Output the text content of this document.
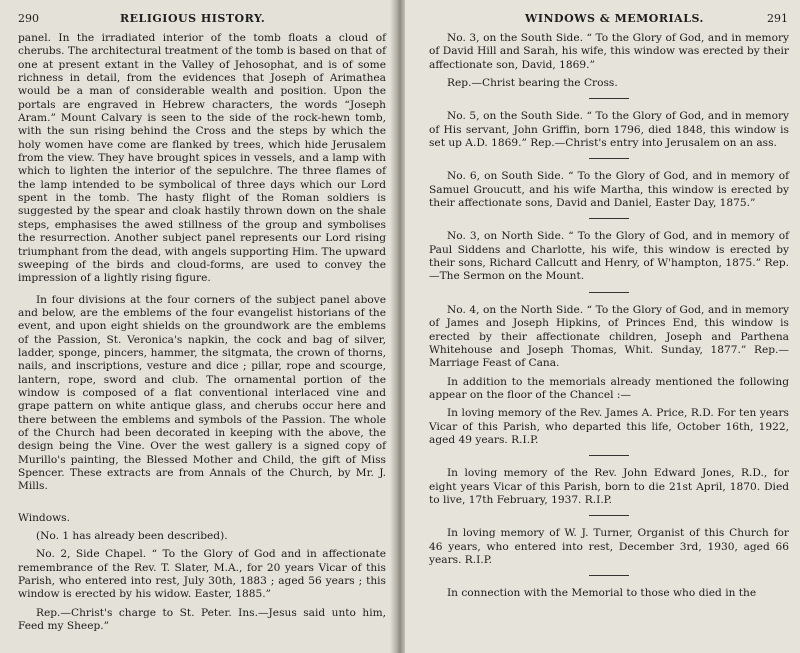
290	RELIGIOUS HISTORY.

panel. In the irradiated interior of the tomb floats a cloud of cherubs. The architectural treatment of the tomb is based on that of one at present extant in the Valley of Jehosophat, and is of some richness in detail, from the evidences that Joseph of Arimathea would be a man of considerable wealth and position. Upon the portals are engraved in Hebrew characters, the words “Joseph Aram.” Mount Calvary is seen to the side of the rock-hewn tomb, with the sun rising behind the Cross and the steps by which the holy women have come are flanked by trees, which hide Jerusalem from the view. They have brought spices in vessels, and a lamp with which to lighten the interior of the sepulchre. The three flames of the lamp intended to be symbolical of three days which our Lord spent in the tomb. The hasty flight of the Roman soldiers is suggested by the spear and cloak hastily thrown down on the shale steps, emphasises the awed stillness of the group and symbolises the resurrection. Another subject panel represents our Lord rising triumphant from the dead, with angels supporting Him. The upward sweeping of the birds and cloud-forms, are used to convey the impression of a lightly rising figure.

In four divisions at the four corners of the subject panel above and below, are the emblems of the four evangelist historians of the event, and upon eight shields on the groundwork are the emblems of the Passion, St. Veronica's napkin, the cock and bag of silver, ladder, sponge, pincers, hammer, the sitgmata, the crown of thorns, nails, and inscriptions, vesture and dice ; pillar, rope and scourge, lantern, rope, sword and club. The ornamental portion of the window is composed of a flat conventional interlaced vine and grape pattern on white antique glass, and cherubs occur here and there between the emblems and symbols of the Passion. The whole of the Church had been decorated in keeping with the above, the design being the Vine. Over the west gallery is a signed copy of Murillo's painting, the Blessed Mother and Child, the gift of Miss Spencer. These extracts are from Annals of the Church, by Mr. J. Mills.

Windows.

(No. 1 has already been described).

No. 2, Side Chapel. “ To the Glory of God and in affectionate remembrance of the Rev. T. Slater, M.A., for 20 years Vicar of this Parish, who entered into rest, July 30th, 1883 ; aged 56 years ; this window is erected by his widow. Easter, 1885.”

Rep.—Christ's charge to St. Peter. Ins.—Jesus said unto him, Feed my Sheep.”

WINDOWS & MEMORIALS.	291

No. 3, on the South Side. “ To the Glory of God, and in memory of David Hill and Sarah, his wife, this window was erected by their affectionate son, David, 1869.”

Rep.—Christ bearing the Cross.

No. 5, on the South Side. “ To the Glory of God, and in memory of His servant, John Griffin, born 1796, died 1848, this window is set up A.D. 1869.” Rep.—Christ's entry into Jerusalem on an ass.

No. 6, on South Side. “ To the Glory of God, and in memory of Samuel Groucutt, and his wife Martha, this window is erected by their affectionate sons, David and Daniel, Easter Day, 1875.”

No. 3, on North Side. “ To the Glory of God, and in memory of Paul Siddens and Charlotte, his wife, this window is erected by their sons, Richard Callcutt and Henry, of W'hampton, 1875.” Rep.—The Sermon on the Mount.

No. 4, on the North Side. “ To the Glory of God, and in memory of James and Joseph Hipkins, of Princes End, this window is erected by their affectionate children, Joseph and Parthena Whitehouse and Joseph Thomas, Whit. Sunday, 1877.” Rep.— Marriage Feast of Cana.

In addition to the memorials already mentioned the following appear on the floor of the Chancel :—

In loving memory of the Rev. James A. Price, R.D. For ten years Vicar of this Parish, who departed this life, October 16th, 1922, aged 49 years. R.I.P.

In loving memory of the Rev. John Edward Jones, R.D., for eight years Vicar of this Parish, born to die 21st April, 1870. Died to live, 17th February, 1937. R.I.P.

In loving memory of W. J. Turner, Organist of this Church for 46 years, who entered into rest, December 3rd, 1930, aged 66 years. R.I.P.

In connection with the Memorial to those who died in the
